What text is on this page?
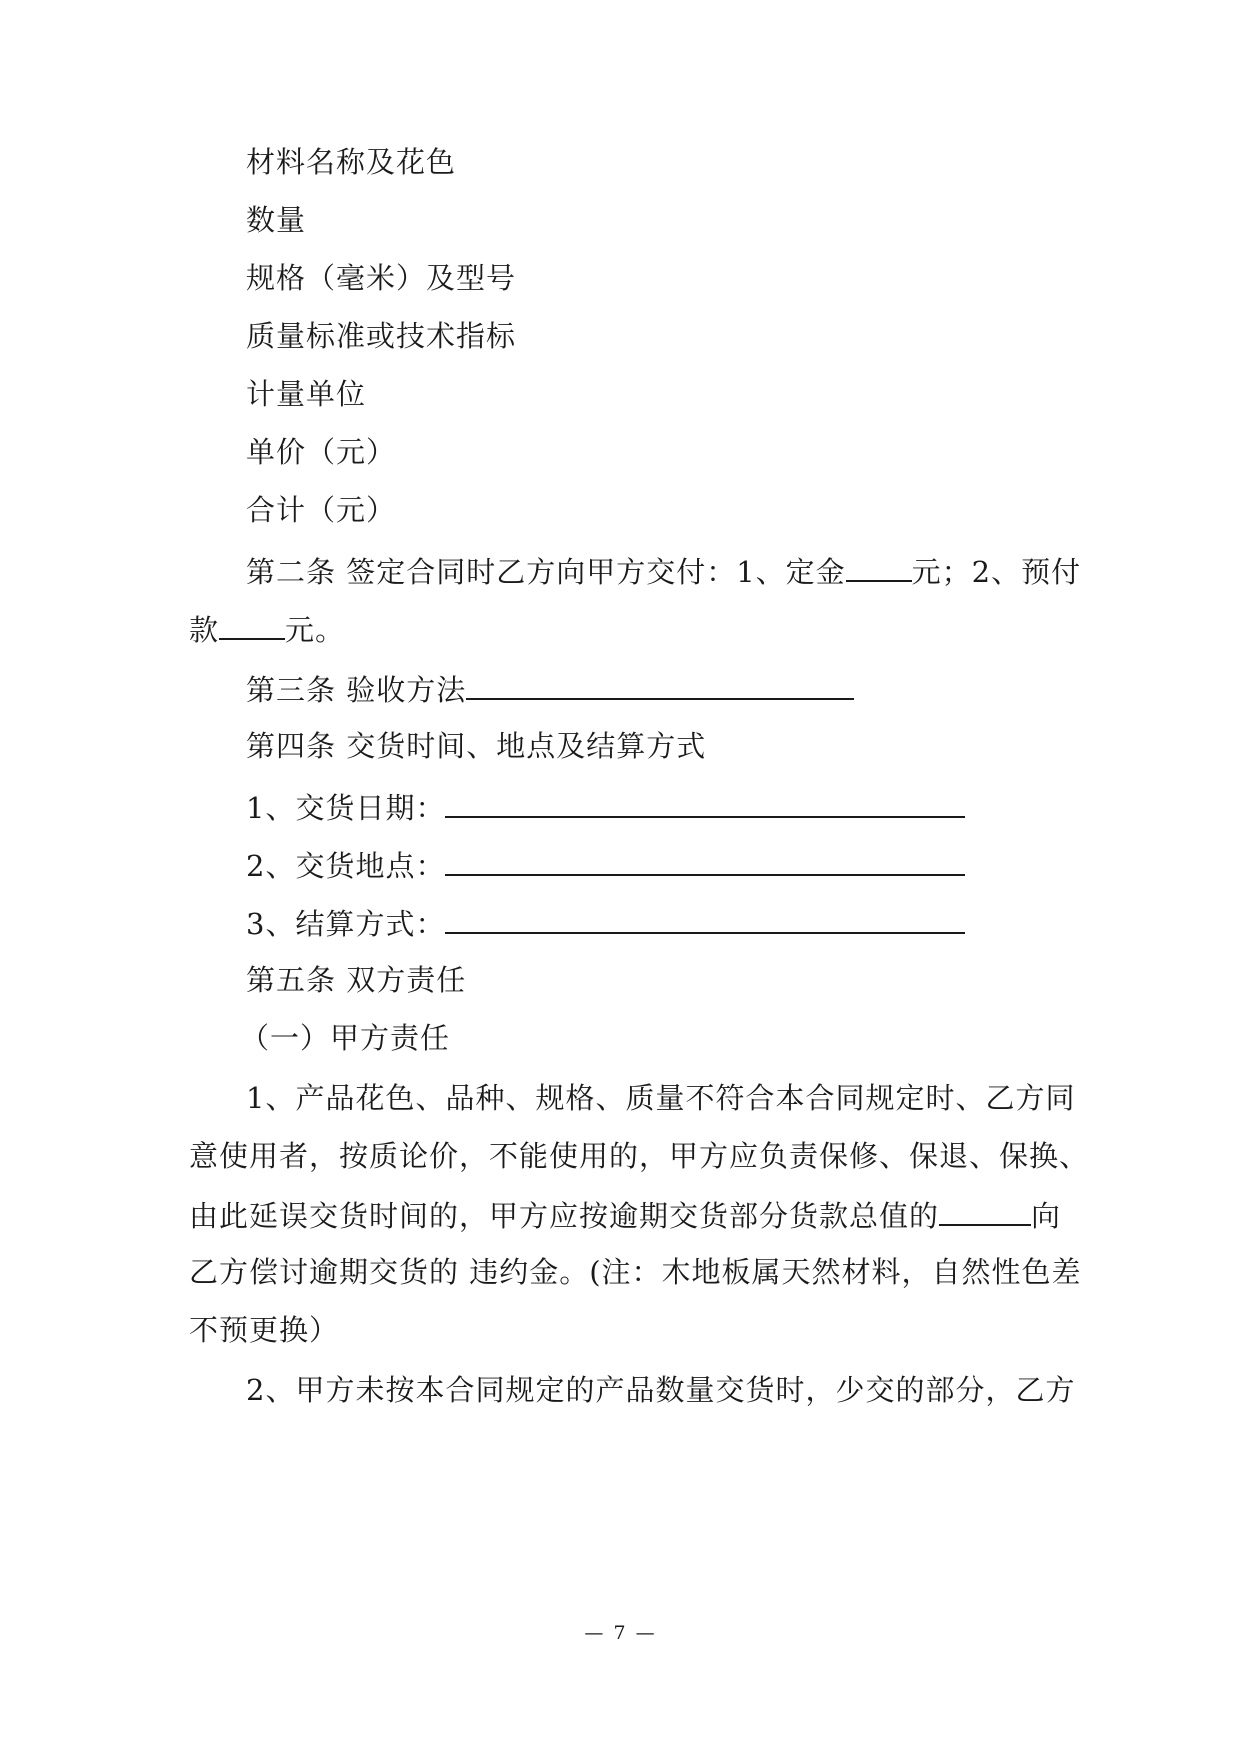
材料名称及花色
数量
规格（毫米）及型号
质量标准或技术指标
计量单位
单价（元）
合计（元）
第二条 签定合同时乙方向甲方交付：1、定金 元；2、预付
款 元。
第三条 验收方法
第四条 交货时间、地点及结算方式
1、交货日期：
2、交货地点：
3、结算方式：
第五条 双方责任
（一）甲方责任
1、产品花色、品种、规格、质量不符合本合同规定时、乙方同
意使用者，按质论价，不能使用的，甲方应负责保修、保退、保换、
由此延误交货时间的，甲方应按逾期交货部分货款总值的	向
乙方偿讨逾期交货的 违约金。(注：木地板属天然材料，自然性色差
不预更换）
2、甲方未按本合同规定的产品数量交货时，少交的部分，乙方
— 7 —
